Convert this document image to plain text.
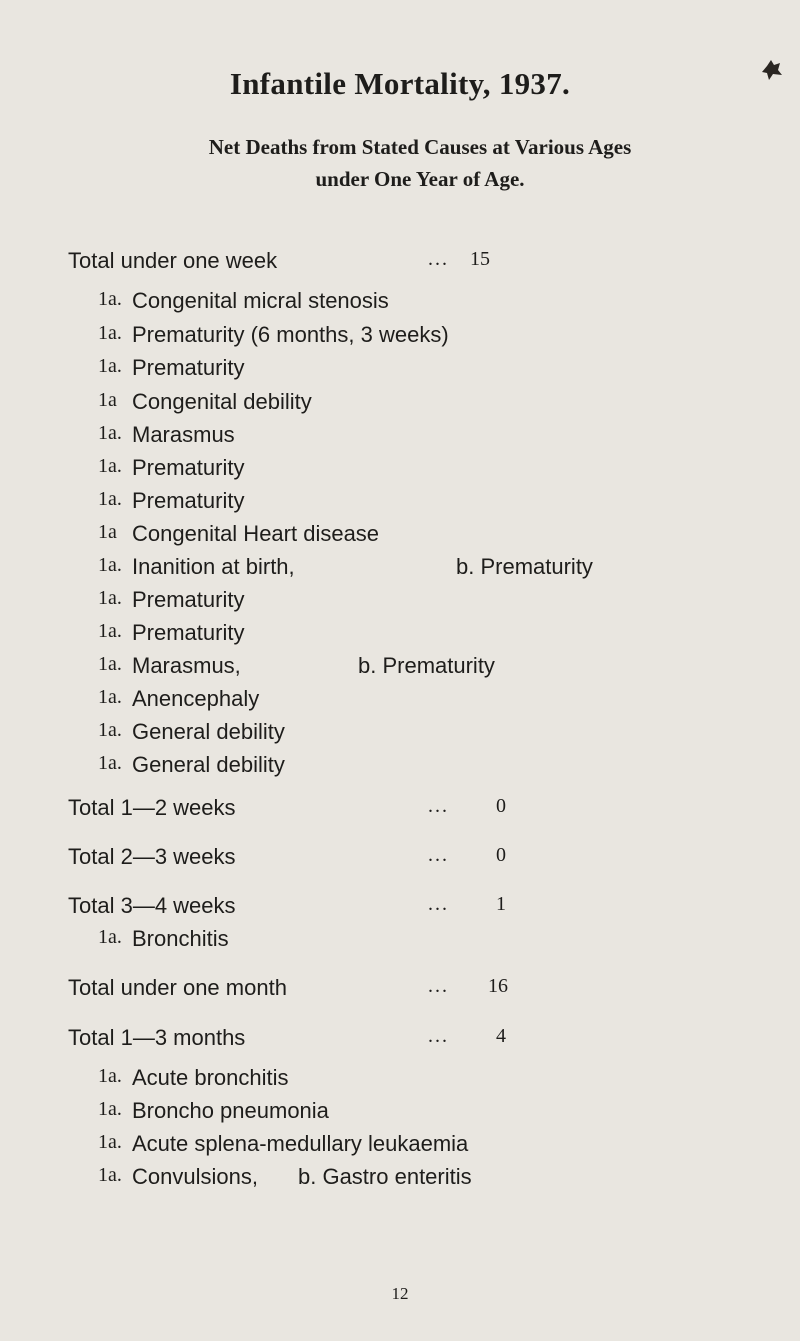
Infantile Mortality, 1937.
Net Deaths from Stated Causes at Various Ages
under One Year of Age.
Total under one week	... 15
1a. Congenital micral stenosis
1a. Prematurity (6 months, 3 weeks)
1a. Prematurity
1a Congenital debility
1a. Marasmus
1a. Prematurity
1a. Prematurity
1a Congenital Heart disease
1a. Inanition at birth,	b. Prematurity
1a. Prematurity
1a. Prematurity
1a. Marasmus,	b. Prematurity
1a. Anencephaly
1a. General debility
1a. General debility
Total 1—2 weeks	... 0
Total 2—3 weeks	... 0
Total 3—4 weeks	... 1
1a. Bronchitis
Total under one month	... 16
Total 1—3 months	... 4
1a. Acute bronchitis
1a. Broncho pneumonia
1a. Acute splena-medullary leukaemia
1a. Convulsions, b. Gastro enteritis
12
